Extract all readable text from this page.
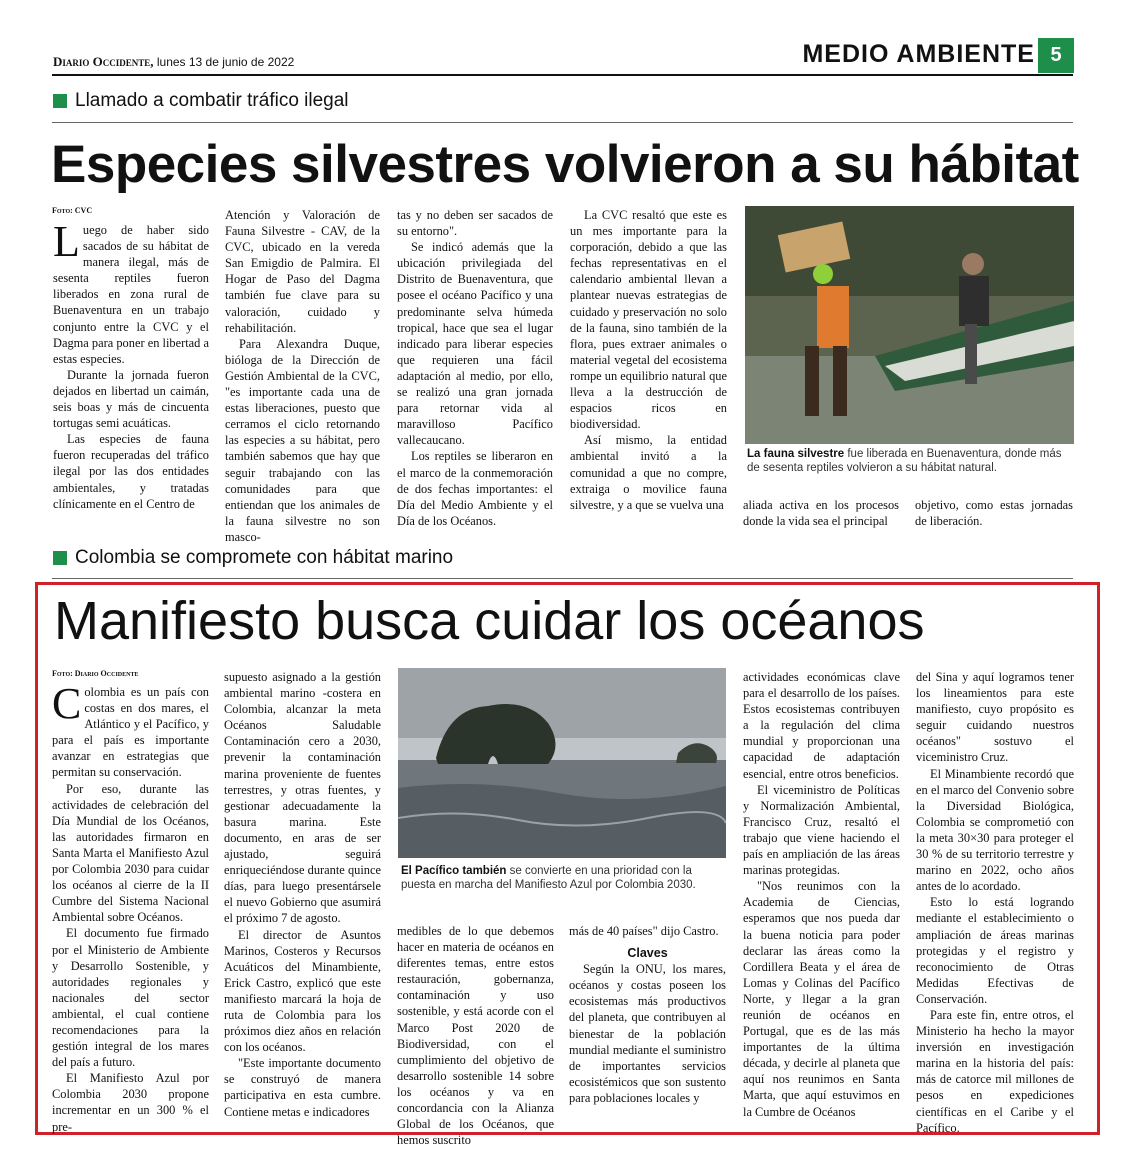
Diario Occidente, lunes 13 de junio de 2022	MEDIO AMBIENTE 5
Llamado a combatir tráfico ilegal
Especies silvestres volvieron a su hábitat
Foto: CVC

Luego de haber sido sacados de su hábitat de manera ilegal, más de sesenta reptiles fueron liberados en zona rural de Buenaventura en un trabajo conjunto entre la CVC y el Dagma para poner en libertad a estas especies.

Durante la jornada fueron dejados en libertad un caimán, seis boas y más de cincuenta tortugas semi acuáticas.

Las especies de fauna fueron recuperadas del tráfico ilegal por las dos entidades ambientales, y tratadas clínicamente en el Centro de

Atención y Valoración de Fauna Silvestre - CAV, de la CVC, ubicado en la vereda San Emigdio de Palmira. El Hogar de Paso del Dagma también fue clave para su valoración, cuidado y rehabilitación.

Para Alexandra Duque, bióloga de la Dirección de Gestión Ambiental de la CVC, "es importante cada una de estas liberaciones, puesto que cerramos el ciclo retornando las especies a su hábitat, pero también sabemos que hay que seguir trabajando con las comunidades para que entiendan que los animales de la fauna silvestre no son masco-

tas y no deben ser sacados de su entorno".

Se indicó además que la ubicación privilegiada del Distrito de Buenaventura, que posee el océano Pacífico y una predominante selva húmeda tropical, hace que sea el lugar indicado para liberar especies que requieren una fácil adaptación al medio, por ello, se realizó una gran jornada para retornar vida al maravilloso Pacífico vallecaucano.

Los reptiles se liberaron en el marco de la conmemoración de dos fechas importantes: el Día del Medio Ambiente y el Día de los Océanos.

La CVC resaltó que este es un mes importante para la corporación, debido a que las fechas representativas en el calendario ambiental llevan a plantear nuevas estrategias de cuidado y preservación no solo de la fauna, sino también de la flora, pues extraer animales o material vegetal del ecosistema rompe un equilibrio natural que lleva a la destrucción de espacios ricos en biodiversidad.

Así mismo, la entidad ambiental invitó a la comunidad a que no compre, extraiga o movilice fauna silvestre, y a que se vuelva una

La fauna silvestre fue liberada en Buenaventura, donde más de sesenta reptiles volvieron a su hábitat natural.

aliada activa en los procesos donde la vida sea el principal

objetivo, como estas jornadas de liberación.

Colombia se compromete con hábitat marino
Manifiesto busca cuidar los océanos
Foto: Diario Occidente

Colombia es un país con costas en dos mares, el Atlántico y el Pacífico, y para el país es importante avanzar en estrategias que permitan su conservación.

Por eso, durante las actividades de celebración del Día Mundial de los Océanos, las autoridades firmaron en Santa Marta el Manifiesto Azul por Colombia 2030 para cuidar los océanos al cierre de la II Cumbre del Sistema Nacional Ambiental sobre Océanos.

El documento fue firmado por el Ministerio de Ambiente y Desarrollo Sostenible, y autoridades regionales y nacionales del sector ambiental, el cual contiene recomendaciones para la gestión integral de los mares del país a futuro.

El Manifiesto Azul por Colombia 2030 propone incrementar en un 300 % el pre-

supuesto asignado a la gestión ambiental marino -costera en Colombia, alcanzar la meta Océanos Saludable Contaminación cero a 2030, prevenir la contaminación marina proveniente de fuentes terrestres, y otras fuentes, y gestionar adecuadamente la basura marina. Este documento, en aras de ser ajustado, seguirá enriqueciéndose durante quince días, para luego presentársele el nuevo Gobierno que asumirá el próximo 7 de agosto.

El director de Asuntos Marinos, Costeros y Recursos Acuáticos del Minambiente, Erick Castro, explicó que este manifiesto marcará la hoja de ruta de Colombia para los próximos diez años en relación con los océanos.

"Este importante documento se construyó de manera participativa en esta cumbre. Contiene metas e indicadores

El Pacífico también se convierte en una prioridad con la puesta en marcha del Manifiesto Azul por Colombia 2030.

medibles de lo que debemos hacer en materia de océanos en diferentes temas, entre estos restauración, gobernanza, contaminación y uso sostenible, y está acorde con el Marco Post 2020 de Biodiversidad, con el cumplimiento del objetivo de desarrollo sostenible 14 sobre los océanos y va en concordancia con la Alianza Global de los Océanos, que hemos suscrito

más de 40 países" dijo Castro.

Claves

Según la ONU, los mares, océanos y costas poseen los ecosistemas más productivos del planeta, que contribuyen al bienestar de la población mundial mediante el suministro de importantes servicios ecosistémicos que son sustento para poblaciones locales y

actividades económicas clave para el desarrollo de los países. Estos ecosistemas contribuyen a la regulación del clima mundial y proporcionan una capacidad de adaptación esencial, entre otros beneficios.

El viceministro de Políticas y Normalización Ambiental, Francisco Cruz, resaltó el trabajo que viene haciendo el país en ampliación de las áreas marinas protegidas.

"Nos reunimos con la Academia de Ciencias, esperamos que nos pueda dar la buena noticia para poder declarar las áreas como la Cordillera Beata y el área de Lomas y Colinas del Pacífico Norte, y llegar a la gran reunión de océanos en Portugal, que es de las más importantes de la última década, y decirle al planeta que aquí nos reunimos en Santa Marta, que aquí estuvimos en la Cumbre de Océanos

del Sina y aquí logramos tener los lineamientos para este manifiesto, cuyo propósito es seguir cuidando nuestros océanos" sostuvo el viceministro Cruz.

El Minambiente recordó que en el marco del Convenio sobre la Diversidad Biológica, Colombia se comprometió con la meta 30×30 para proteger el 30 % de su territorio terrestre y marino en 2022, ocho años antes de lo acordado.

Esto lo está logrando mediante el establecimiento o ampliación de áreas marinas protegidas y el registro y reconocimiento de Otras Medidas Efectivas de Conservación.

Para este fin, entre otros, el Ministerio ha hecho la mayor inversión en investigación marina en la historia del país: más de catorce mil millones de pesos en expediciones científicas en el Caribe y el Pacífico.
